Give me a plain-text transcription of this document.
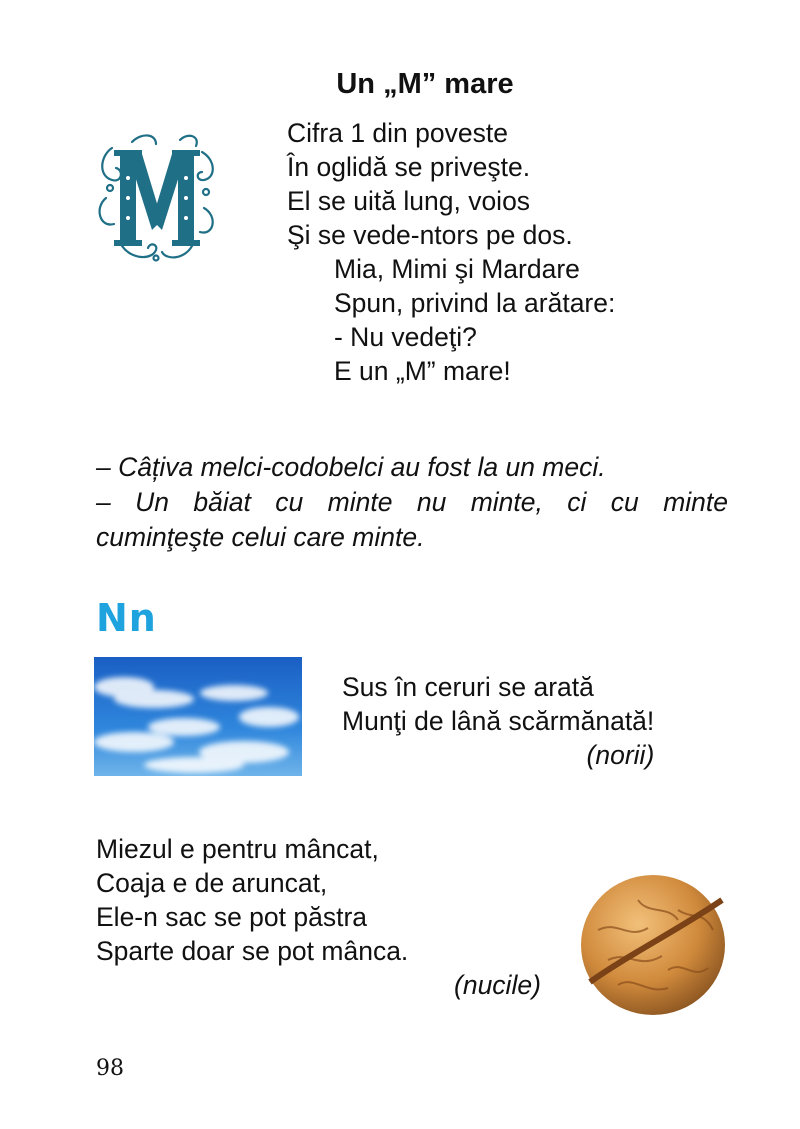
Un „M” mare
Cifra 1 din poveste
În oglidă se priveşte.
El se uită lung, voios
Şi se vede-ntors pe dos.
Mia, Mimi şi Mardare
Spun, privind la arătare:
- Nu vedeţi?
E un „M” mare!
– Câțiva melci-codobelci au fost la un meci.
– Un băiat cu minte nu minte, ci cu minte
cuminţeşte celui care minte.
Nn
Sus în ceruri se arată
Munţi de lână scărmănată!
(norii)
Miezul e pentru mâncat,
Coaja e de aruncat,
Ele-n sac se pot păstra
Sparte doar se pot mânca.
(nucile)
98
